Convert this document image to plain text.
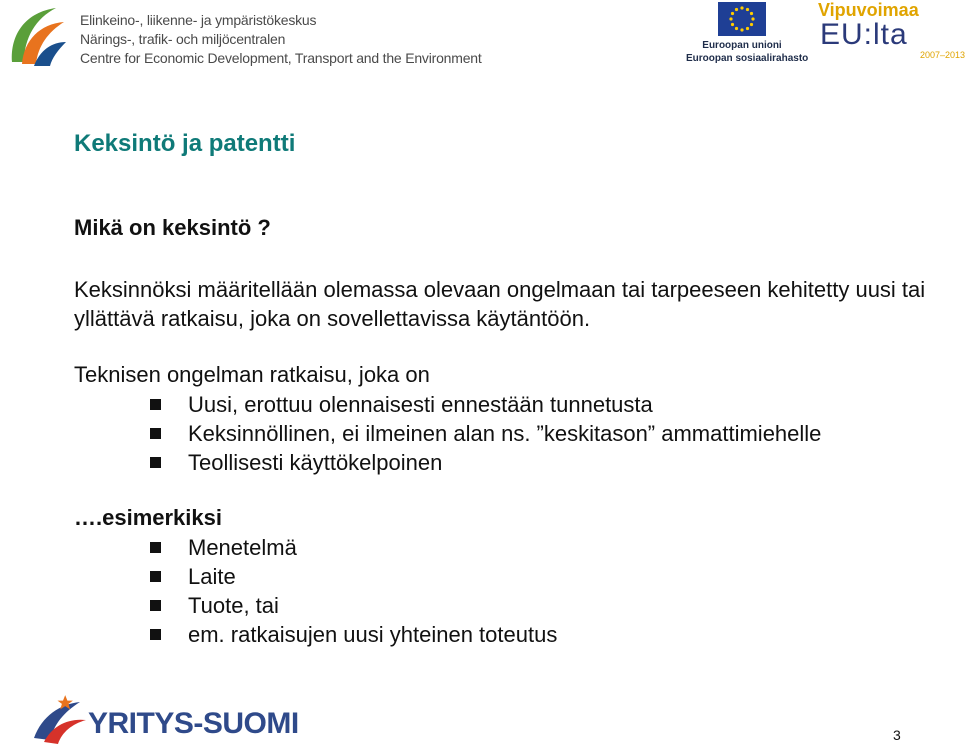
Elinkeino-, liikenne- ja ympäristökeskus
Närings-, trafik- och miljöcentralen
Centre for Economic Development, Transport and the Environment
Euroopan unioni
Euroopan sosiaalirahasto
Vipuvoimaa
EU:lta
2007–2013
Keksintö ja patentti
Mikä on keksintö ?
Keksinnöksi määritellään olemassa olevaan ongelmaan tai tarpeeseen kehitetty uusi tai
yllättävä ratkaisu, joka on sovellettavissa käytäntöön.
Teknisen ongelman ratkaisu, joka on
Uusi, erottuu olennaisesti ennestään tunnetusta
Keksinnöllinen, ei ilmeinen alan ns. ”keskitason” ammattimiehelle
Teollisesti käyttökelpoinen
….esimerkiksi
Menetelmä
Laite
Tuote, tai
em. ratkaisujen uusi yhteinen toteutus
YRITYS-SUOMI	3
